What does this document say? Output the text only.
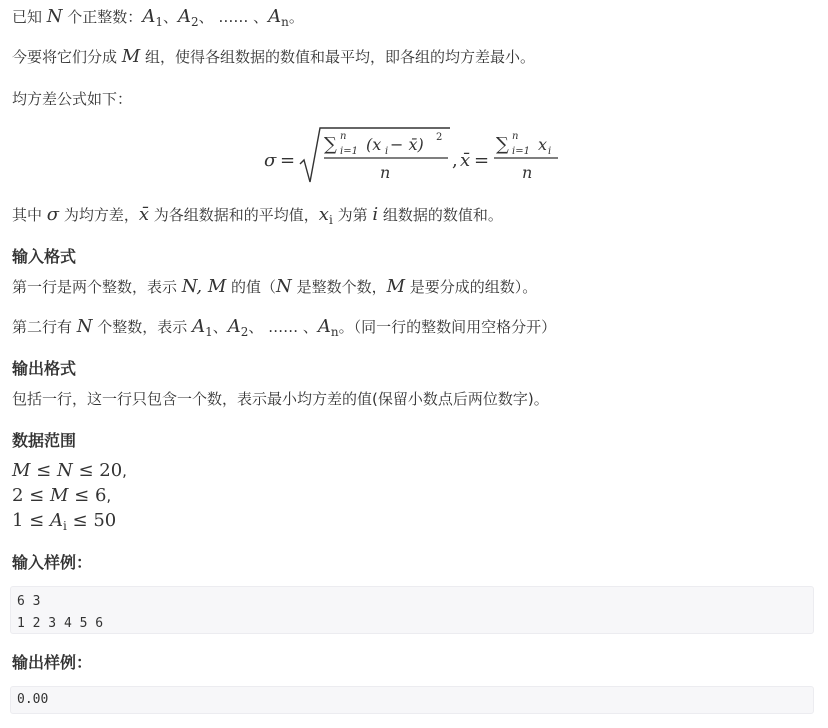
已知 N 个正整数：$A_1$、$A_2$、 …… 、$A_n$。
今要将它们分成 M 组，使得各组数据的数值和最平均，即各组的均方差最小。
均方差公式如下：
σ =
∑ n
i=1 (x i − x̄) 2
n
, x̄ =
∑ n
i=1 x i
n
其中 σ 为均方差，x̄ 为各组数据和的平均值，$x_i$ 为第 i 组数据的数值和。
输入格式
第一行是两个整数，表示 N, M 的值（N 是整数个数，M 是要分成的组数）。
第二行有 N 个整数，表示 $A_1$、$A_2$、 …… 、$A_n$。（同一行的整数间用空格分开）
输出格式
包括一行，这一行只包含一个数，表示最小均方差的值(保留小数点后两位数字)。
数据范围
M ≤ N ≤ 20,
2 ≤ M ≤ 6,
$1 \le A_i \le 50$
输入样例：
6 3
1 2 3 4 5 6
输出样例：
0.00
